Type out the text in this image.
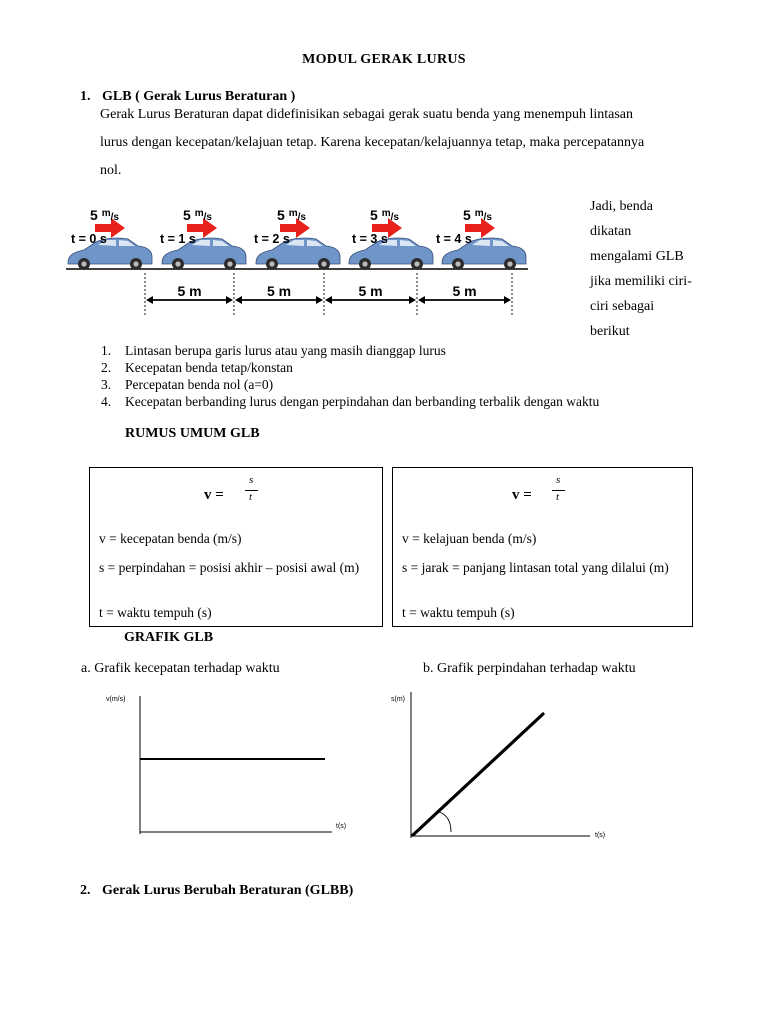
MODUL GERAK LURUS
1. GLB ( Gerak Lurus Beraturan )
Gerak Lurus Beraturan dapat didefinisikan sebagai gerak suatu benda yang menempuh lintasan
lurus dengan kecepatan/kelajuan tetap. Karena kecepatan/kelajuannya tetap, maka percepatannya
nol.
5 $^m_{/s}$
t = 0 s
5 $^m_{/s}$
t = 1 s
5 $^m_{/s}$
t = 2 s
5 $^m_{/s}$
t = 3 s
5 $^m_{/s}$
t = 4 s
5 m	5 m	5 m	5 m
Jadi, benda
dikatan
mengalami GLB
jika memiliki ciri-
ciri sebagai
berikut
1. Lintasan berupa garis lurus atau yang masih dianggap lurus
2. Kecepatan benda tetap/konstan
3. Percepatan benda nol (a=0)
4. Kecepatan berbanding lurus dengan perpindahan dan berbanding terbalik dengan waktu
RUMUS UMUM GLB
v =
s
t
v = kecepatan benda (m/s)
s = perpindahan = posisi akhir – posisi awal (m)
t = waktu tempuh (s)
v =
s
t
v = kelajuan benda (m/s)
s = jarak = panjang lintasan total yang dilalui (m)
t = waktu tempuh (s)
GRAFIK GLB
a. Grafik kecepatan terhadap waktu	b. Grafik perpindahan terhadap waktu
v(m/s)
t(s)
s(m)
t(s)
2. Gerak Lurus Berubah Beraturan (GLBB)
